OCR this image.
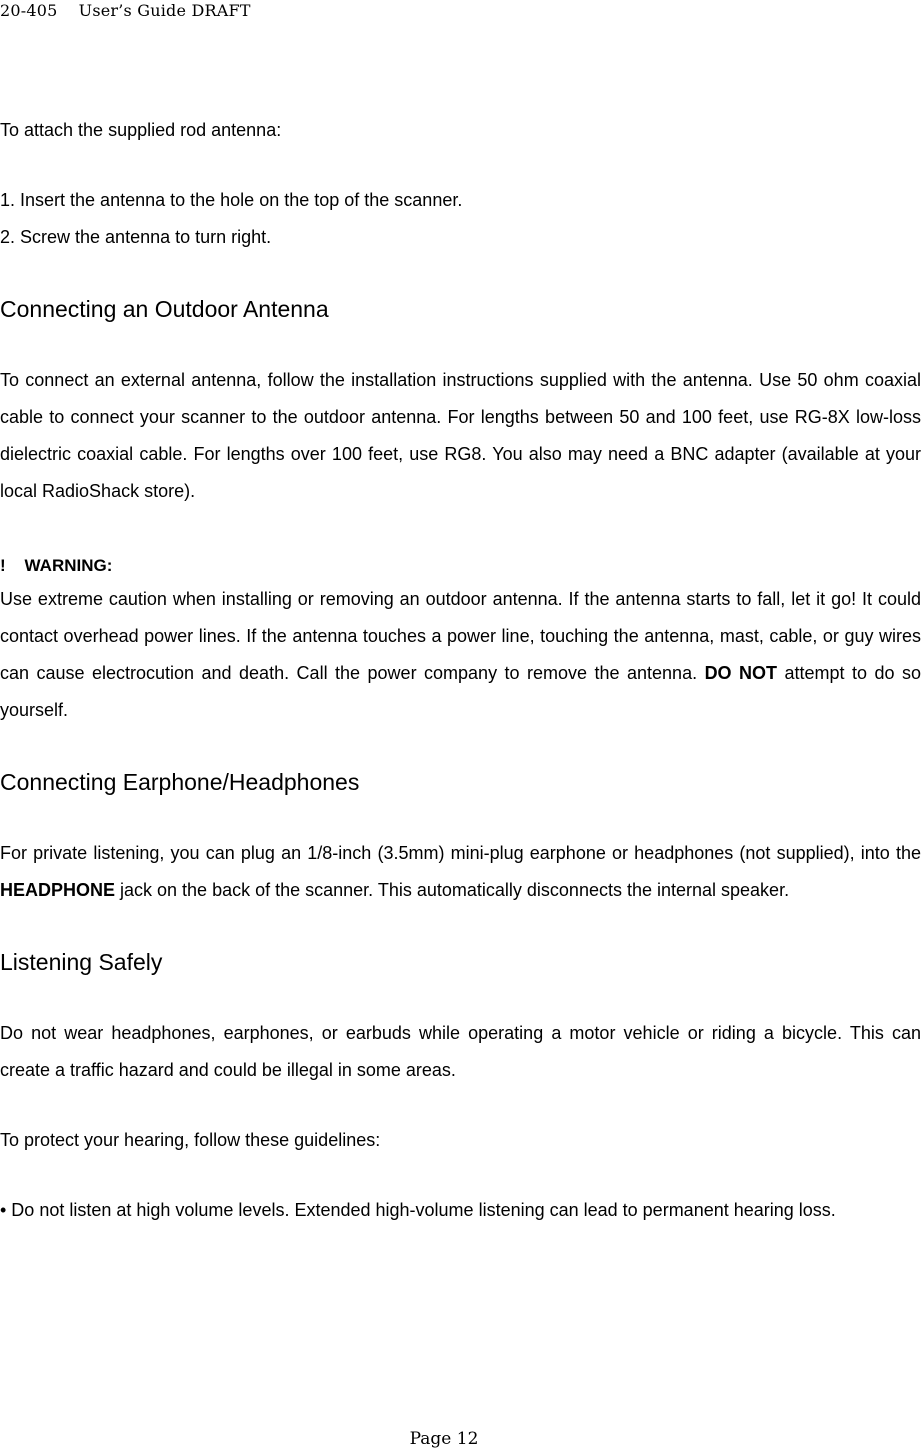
20-405    User’s Guide DRAFT

To attach the supplied rod antenna:

1. Insert the antenna to the hole on the top of the scanner.

2. Screw the antenna to turn right.

Connecting an Outdoor Antenna

To connect an external antenna, follow the installation instructions supplied with the antenna. Use 50 ohm coaxial cable to connect your scanner to the outdoor antenna. For lengths between 50 and 100 feet, use RG-8X low-loss dielectric coaxial cable. For lengths over 100 feet, use RG8. You also may need a BNC adapter (available at your local RadioShack store).

!    WARNING:

Use extreme caution when installing or removing an outdoor antenna. If the antenna starts to fall, let it go! It could contact overhead power lines. If the antenna touches a power line, touching the antenna, mast, cable, or guy wires can cause electrocution and death. Call the power company to remove the antenna. DO NOT attempt to do so yourself.

Connecting Earphone/Headphones

For private listening, you can plug an 1/8-inch (3.5mm) mini-plug earphone or headphones (not supplied), into the HEADPHONE jack on the back of the scanner. This automatically disconnects the internal speaker.

Listening Safely

Do not wear headphones, earphones, or earbuds while operating a motor vehicle or riding a bicycle. This can create a traffic hazard and could be illegal in some areas.

To protect your hearing, follow these guidelines:

• Do not listen at high volume levels. Extended high-volume listening can lead to permanent hearing loss.

Page 12
